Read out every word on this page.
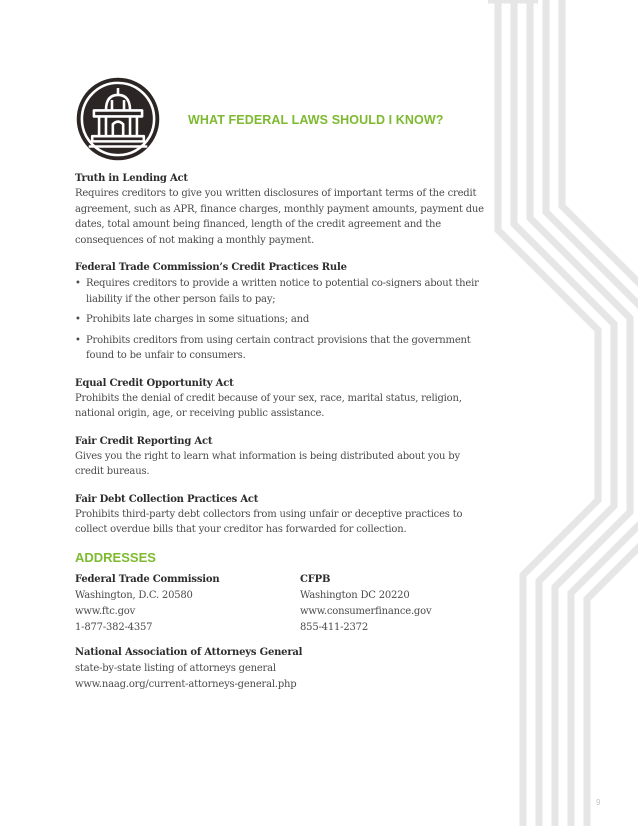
WHAT FEDERAL LAWS SHOULD I KNOW?
Truth in Lending Act
Requires creditors to give you written disclosures of important terms of the credit agreement, such as APR, finance charges, monthly payment amounts, payment due dates, total amount being financed, length of the credit agreement and the consequences of not making a monthly payment.
Federal Trade Commission’s Credit Practices Rule
• Requires creditors to provide a written notice to potential co-signers about their liability if the other person fails to pay;
• Prohibits late charges in some situations; and
• Prohibits creditors from using certain contract provisions that the government found to be unfair to consumers.
Equal Credit Opportunity Act
Prohibits the denial of credit because of your sex, race, marital status, religion, national origin, age, or receiving public assistance.
Fair Credit Reporting Act
Gives you the right to learn what information is being distributed about you by credit bureaus.
Fair Debt Collection Practices Act
Prohibits third-party debt collectors from using unfair or deceptive practices to collect overdue bills that your creditor has forwarded for collection.
ADDRESSES
Federal Trade Commission
Washington, D.C. 20580
www.ftc.gov
1-877-382-4357
CFPB
Washington DC 20220
www.consumerfinance.gov
855-411-2372
National Association of Attorneys General
state-by-state listing of attorneys general
www.naag.org/current-attorneys-general.php
9
